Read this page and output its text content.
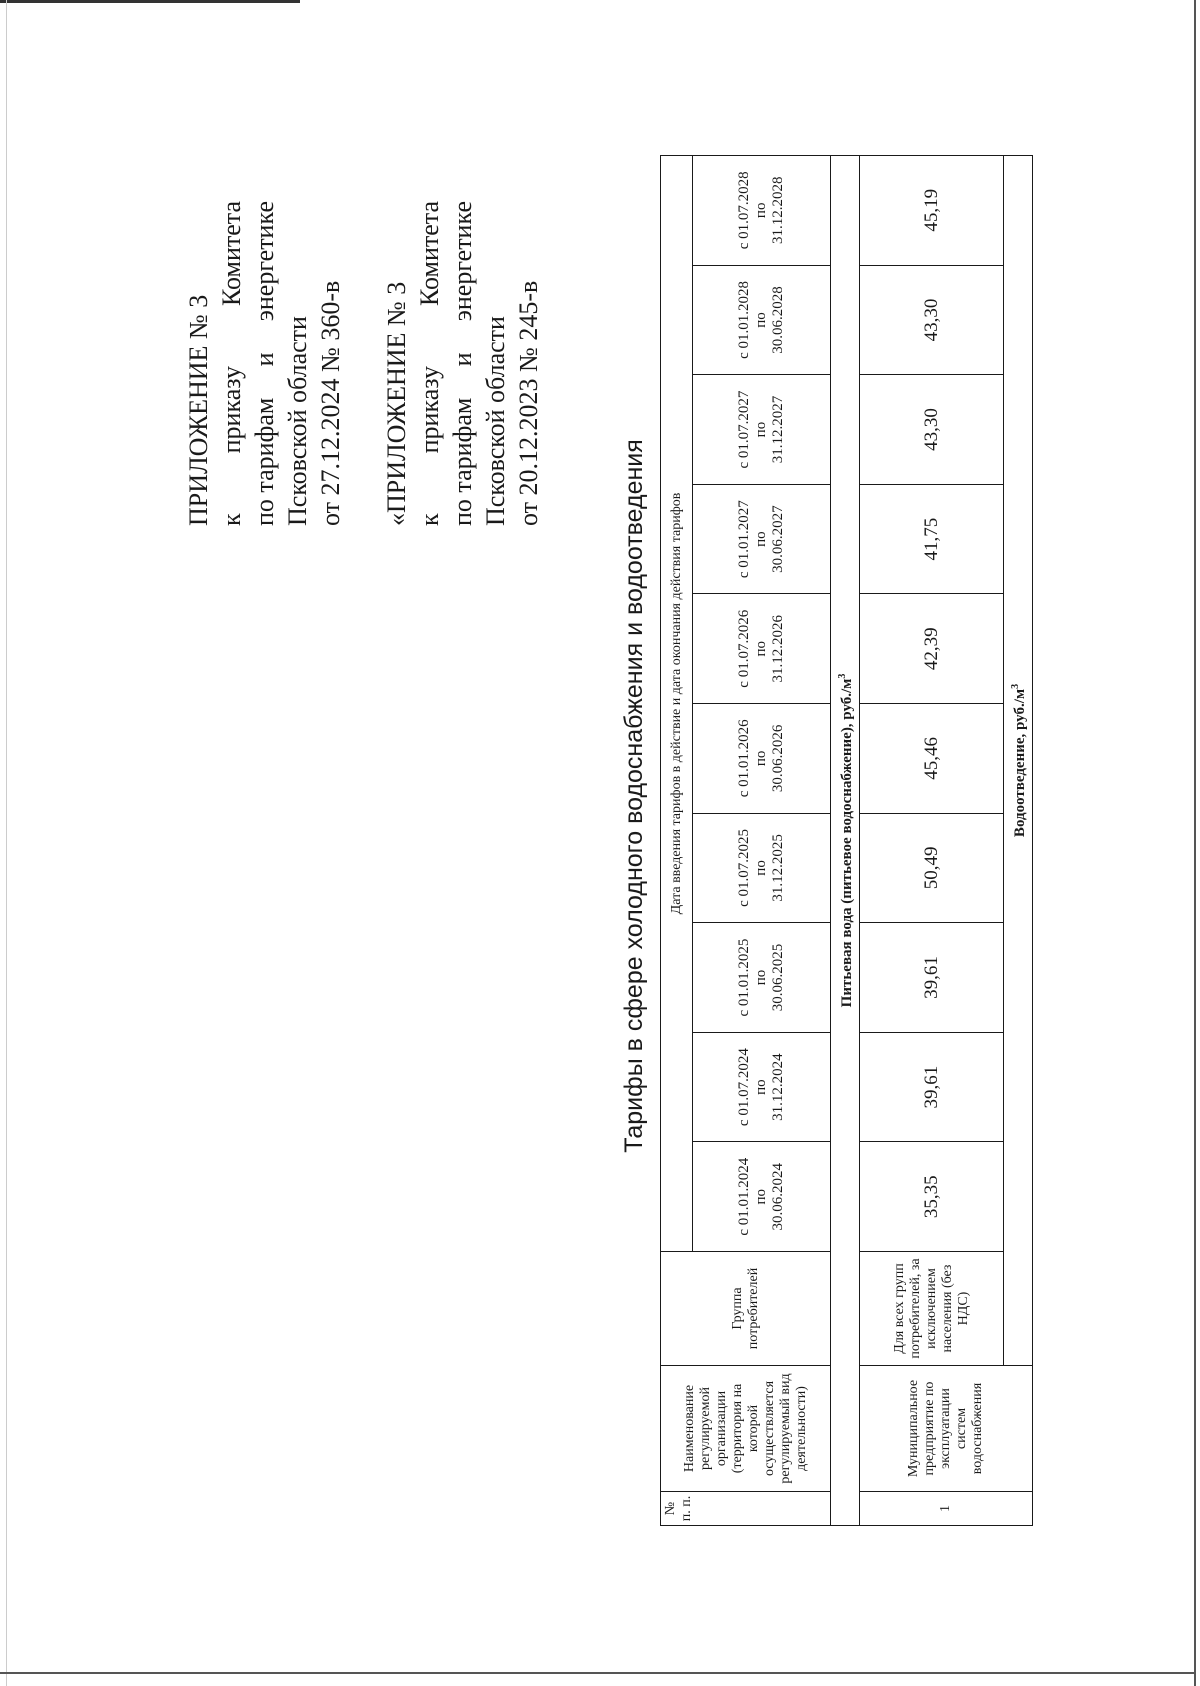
ПРИЛОЖЕНИЕ № 3 к
приказу
Комитета
по тарифам
и
энергетике
Псковской области от 27.12.2024 № 360-в «ПРИЛОЖЕНИЕ № 3 к
приказу
Комитета
по тарифам
и
энергетике
Псковской области от 20.12.2023 № 245-в
Тарифы в сфере холодного водоснабжения и водоотведения
№ п. п.	Наименование регулируемой организации (территория на которой осуществляется регулируемый вид деятельности)	Группа потребителей	Дата введения тарифов в действие и дата окончания действия тарифов									
			с 01.01.2024
по
30.06.2024	с 01.07.2024
по
31.12.2024	с 01.01.2025
по
30.06.2025	с 01.07.2025
по
31.12.2025	с 01.01.2026
по
30.06.2026	с 01.07.2026
по
31.12.2026	с 01.01.2027
по
30.06.2027	с 01.07.2027
по
31.12.2027	с 01.01.2028
по
30.06.2028	с 01.07.2028
по
31.12.2028
Питьевая вода (питьевое водоснабжение), $руб./м^3$
1	Муниципальное предприятие по эксплуатации систем водоснабжения	Для всех групп потребителей, за исключением населения (без НДС)	35,35	39,61	39,61	50,49	45,46	42,39	41,75	43,30	43,30	45,19
		Водоотведение, $руб./м^3$
